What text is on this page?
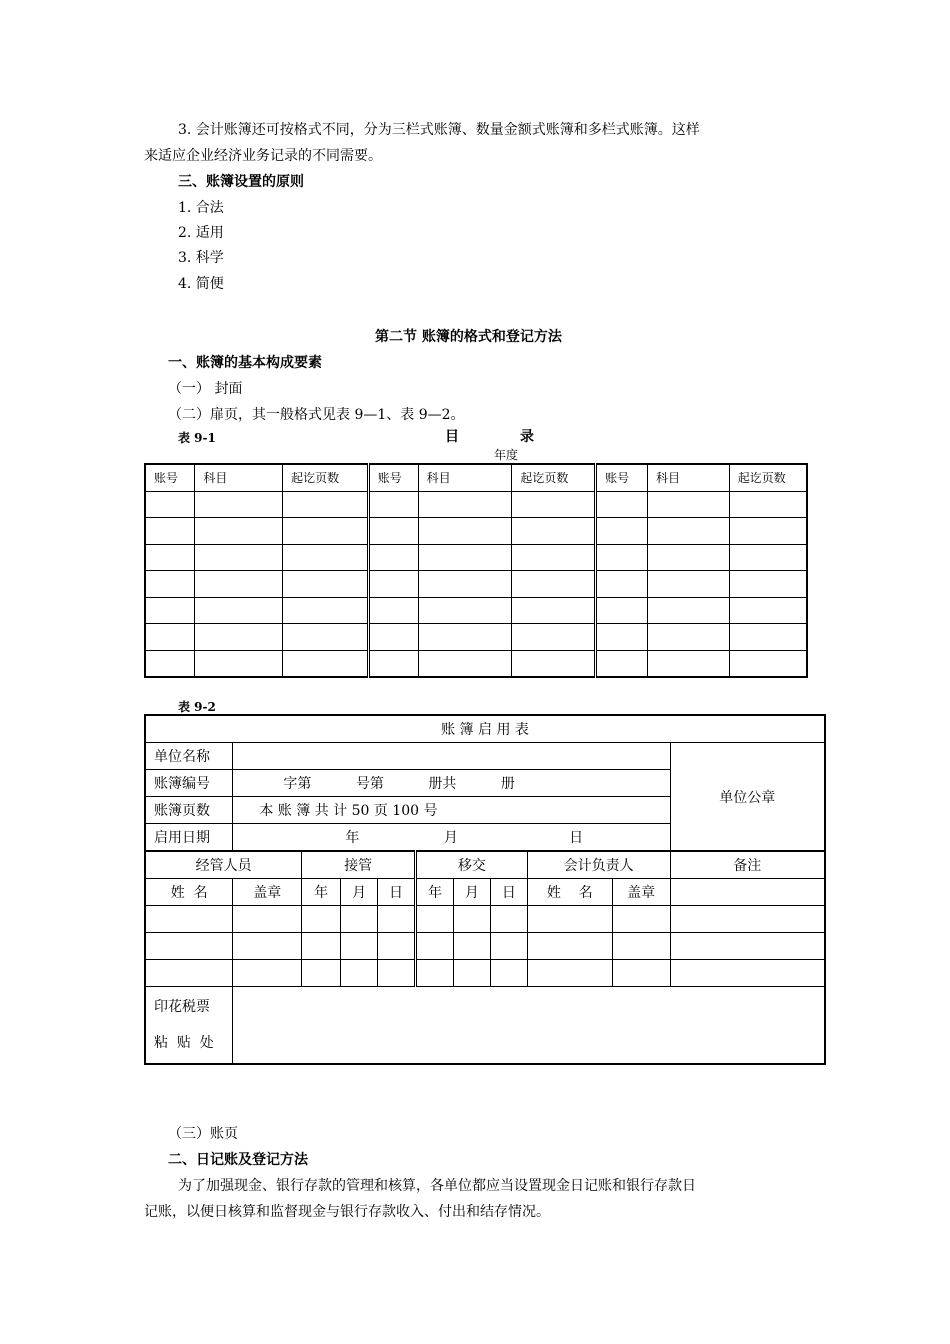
3. 会计账簿还可按格式不同，分为三栏式账簿、数量金额式账簿和多栏式账簿。这样
来适应企业经济业务记录的不同需要。
三、账簿设置的原则
1. 合法
2. 适用
3. 科学
4. 简便
第二节 账簿的格式和登记方法
一、账簿的基本构成要素
（一） 封面
（二）扉页，其一般格式见表 9—1、表 9—2。
表 9-1	目	录
年度
账号	科目	起讫页数	账号	科目	起讫页数	账号	科目	起讫页数

表 9-2
账 簿 启 用 表										
单位名称										单位公章
账簿编号	字第          号第          册共          册									
账簿页数	本 账 簿 共 计 50 页 100 号									
启用日期	年                   月                         日									
经管人员		接管			移交			会计负责人		备注
姓  名	盖章	年	月	日	年	月	日	姓    名	盖章	

印花税票
粘  贴  处										

（三）账页
二、日记账及登记方法
为了加强现金、银行存款的管理和核算，各单位都应当设置现金日记账和银行存款日
记账，以便日核算和监督现金与银行存款收入、付出和结存情况。
